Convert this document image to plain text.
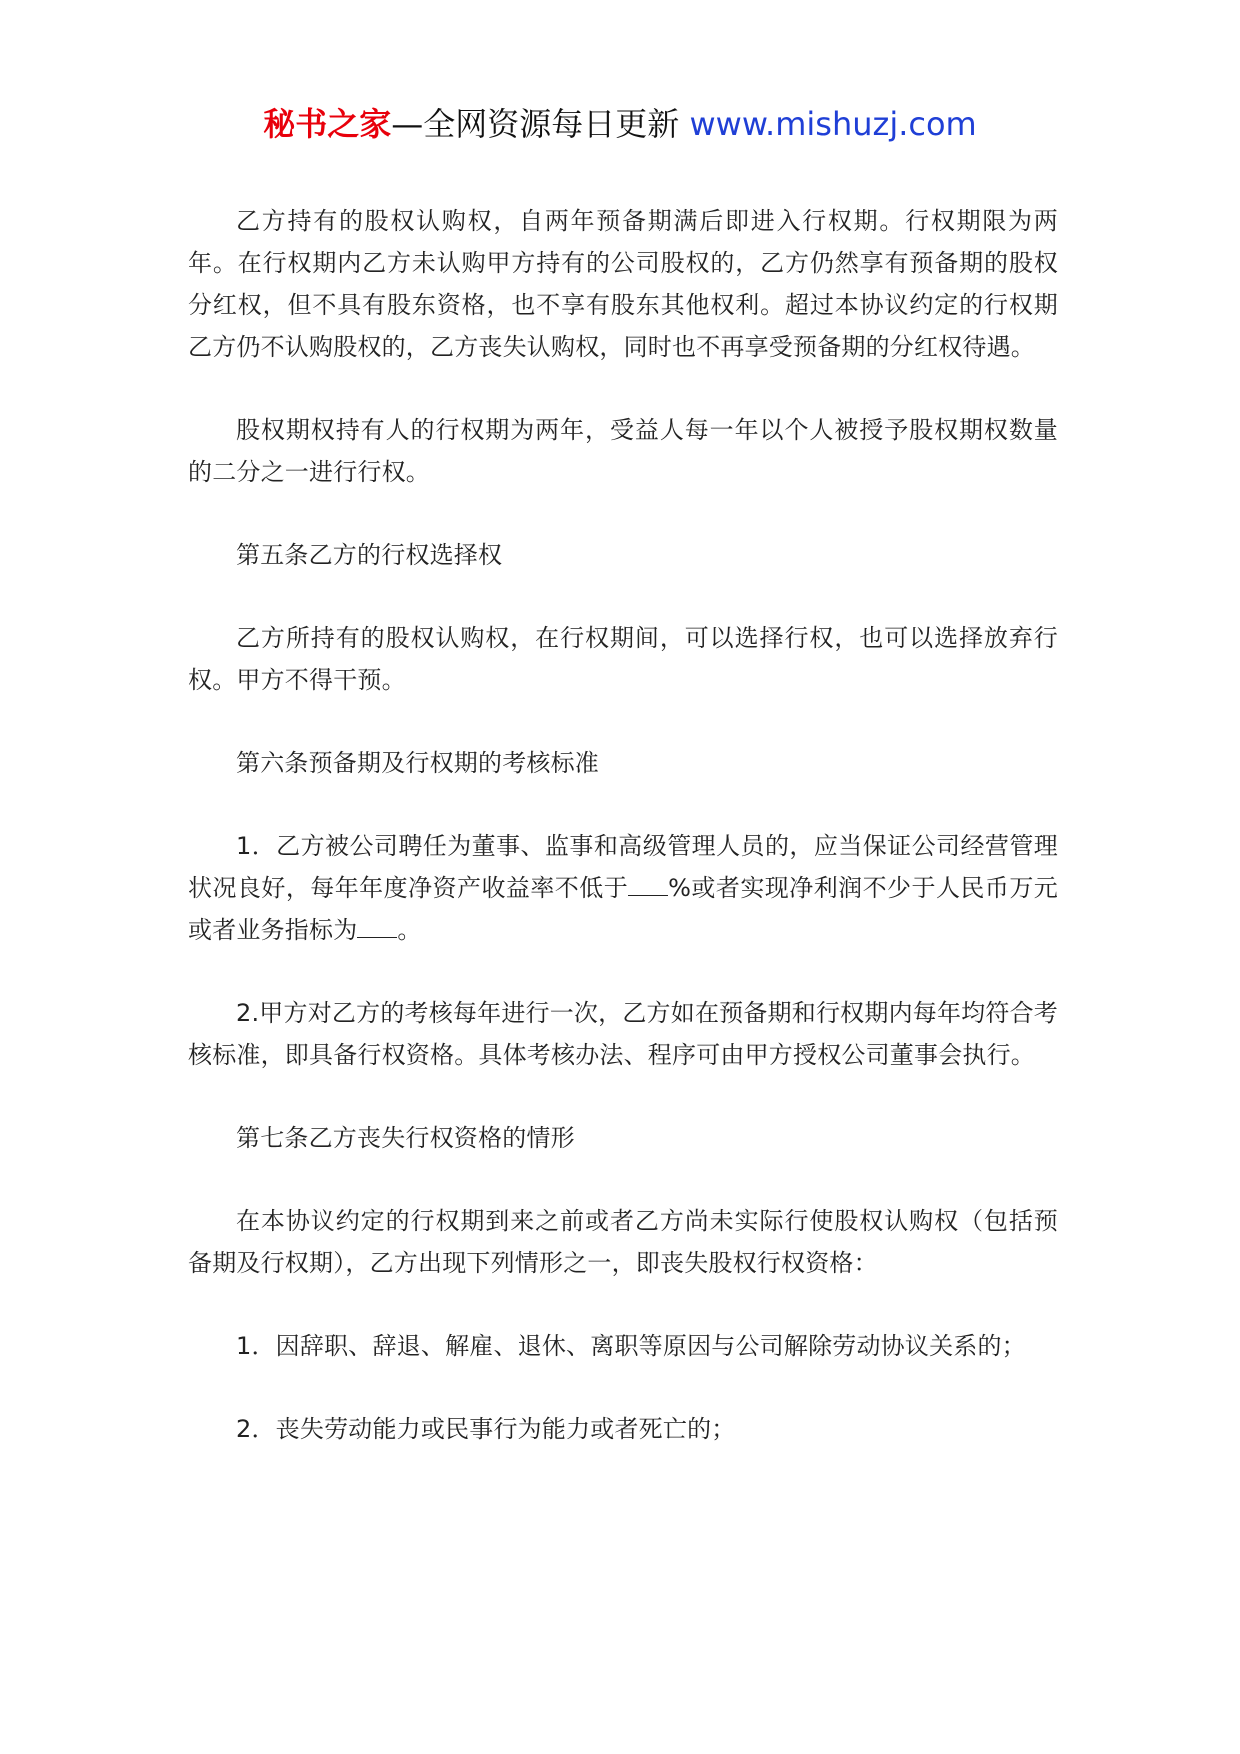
秘书之家—全网资源每日更新 www.mishuzj.com

乙方持有的股权认购权，自两年预备期满后即进入行权期。行权期限为两年。在行权期内乙方未认购甲方持有的公司股权的，乙方仍然享有预备期的股权分红权，但不具有股东资格，也不享有股东其他权利。超过本协议约定的行权期乙方仍不认购股权的，乙方丧失认购权，同时也不再享受预备期的分红权待遇。

股权期权持有人的行权期为两年，受益人每一年以个人被授予股权期权数量的二分之一进行行权。

第五条乙方的行权选择权

乙方所持有的股权认购权，在行权期间，可以选择行权，也可以选择放弃行权。甲方不得干预。

第六条预备期及行权期的考核标准

1．乙方被公司聘任为董事、监事和高级管理人员的，应当保证公司经营管理状况良好，每年年度净资产收益率不低于 %或者实现净利润不少于人民币万元或者业务指标为 。

2.甲方对乙方的考核每年进行一次，乙方如在预备期和行权期内每年均符合考核标准，即具备行权资格。具体考核办法、程序可由甲方授权公司董事会执行。

第七条乙方丧失行权资格的情形

在本协议约定的行权期到来之前或者乙方尚未实际行使股权认购权（包括预备期及行权期），乙方出现下列情形之一，即丧失股权行权资格：

1．因辞职、辞退、解雇、退休、离职等原因与公司解除劳动协议关系的；

2．丧失劳动能力或民事行为能力或者死亡的；
